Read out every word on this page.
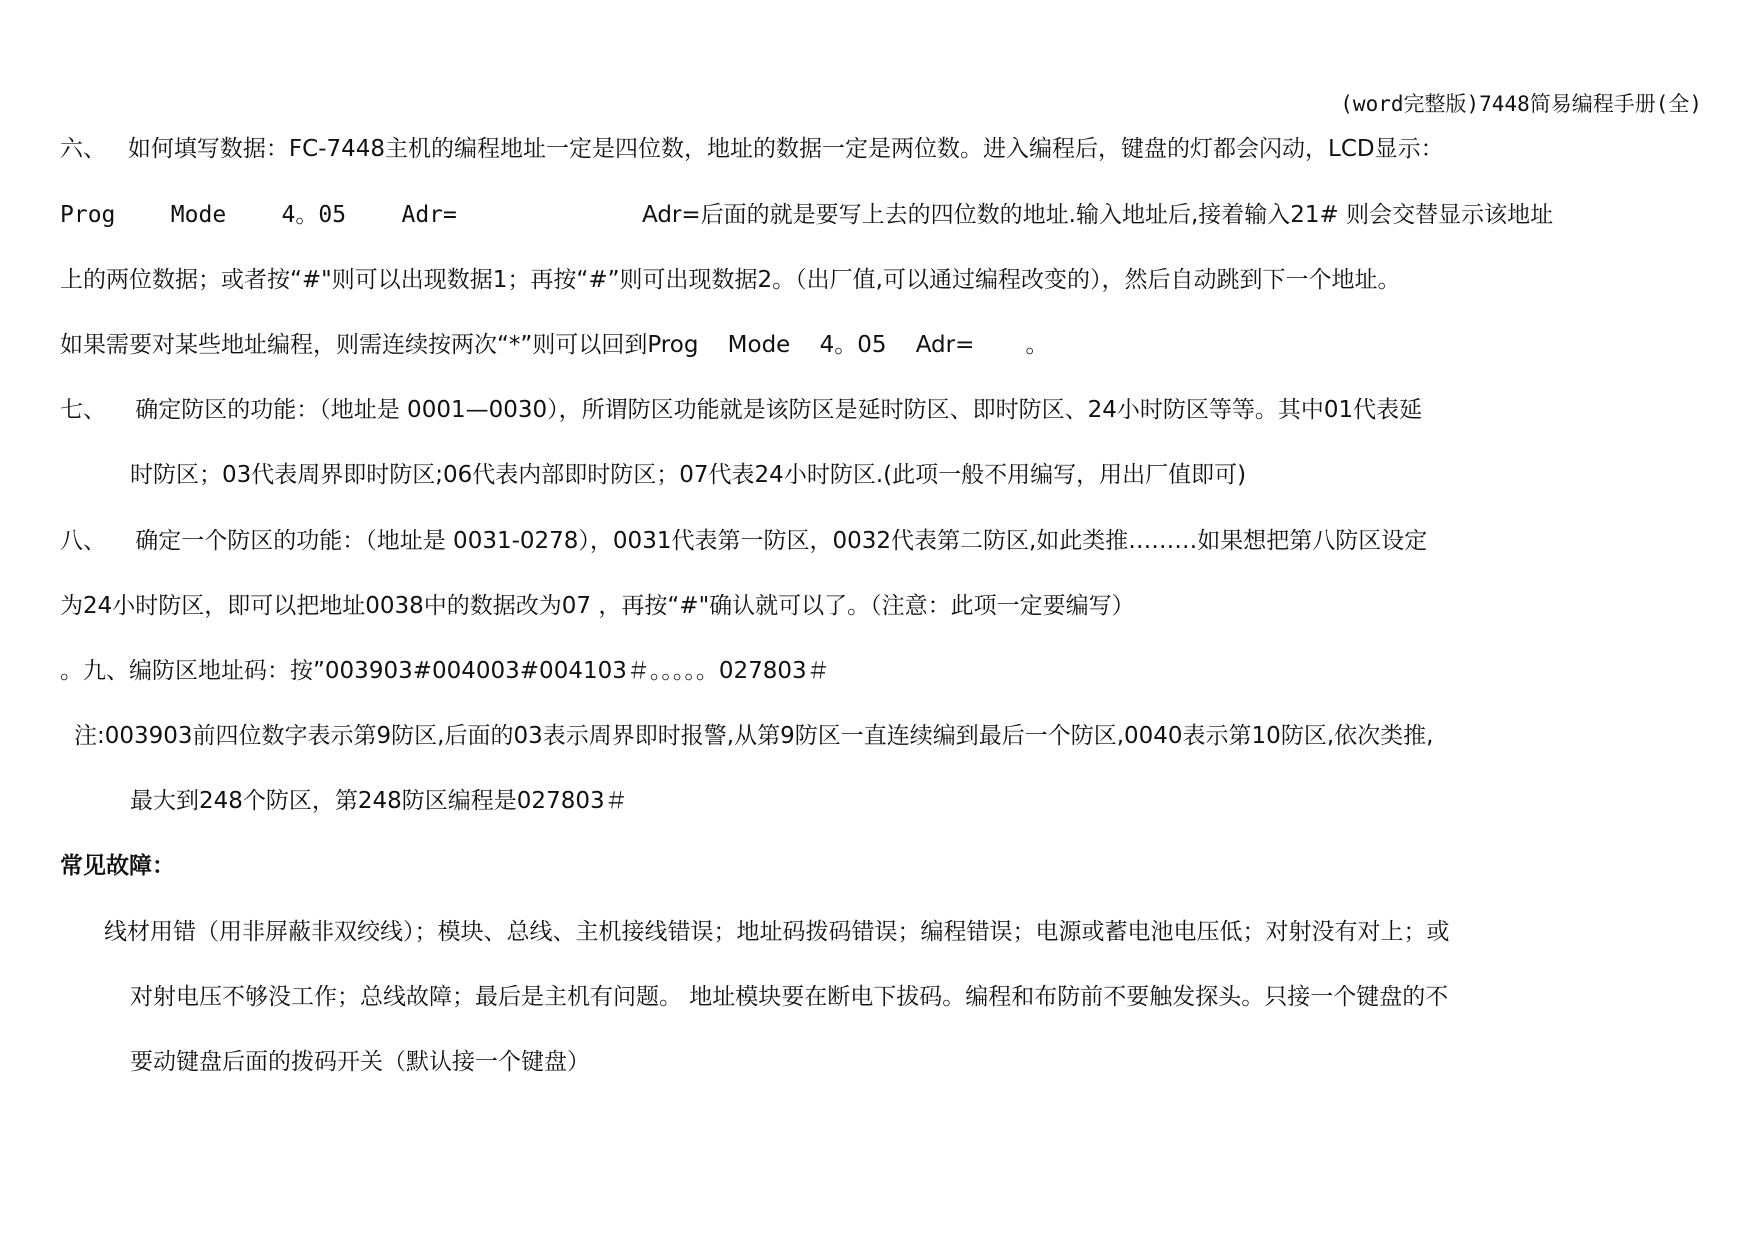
(word完整版)7448简易编程手册(全)
六、   如何填写数据：FC-7448主机的编程地址一定是四位数，地址的数据一定是两位数。进入编程后，键盘的灯都会闪动，LCD显示：
Prog    Mode    4。05    Adr=	Adr=后面的就是要写上去的四位数的地址.输入地址后,接着输入21# 则会交替显示该地址
上的两位数据；或者按“#"则可以出现数据1；再按“#”则可出现数据2。（出厂值,可以通过编程改变的），然后自动跳到下一个地址。
如果需要对某些地址编程，则需连续按两次“*”则可以回到Prog    Mode    4。05    Adr=       。
七、    确定防区的功能：（地址是 0001—0030），所谓防区功能就是该防区是延时防区、即时防区、24小时防区等等。其中01代表延
时防区；03代表周界即时防区;06代表内部即时防区；07代表24小时防区.(此项一般不用编写，用出厂值即可)
八、    确定一个防区的功能：（地址是 0031-0278），0031代表第一防区，0032代表第二防区,如此类推………如果想把第八防区设定
为24小时防区，即可以把地址0038中的数据改为07 ，再按“#"确认就可以了。（注意：此项一定要编写）
。九、编防区地址码：按”003903#004003#004103＃。。。。。027803＃
注:003903前四位数字表示第9防区,后面的03表示周界即时报警,从第9防区一直连续编到最后一个防区,0040表示第10防区,依次类推,
最大到248个防区，第248防区编程是027803＃
常见故障：
线材用错（用非屏蔽非双绞线）；模块、总线、主机接线错误；地址码拨码错误；编程错误；电源或蓄电池电压低；对射没有对上；或
对射电压不够没工作；总线故障；最后是主机有问题。 地址模块要在断电下拔码。编程和布防前不要触发探头。只接一个键盘的不
要动键盘后面的拨码开关（默认接一个键盘）
